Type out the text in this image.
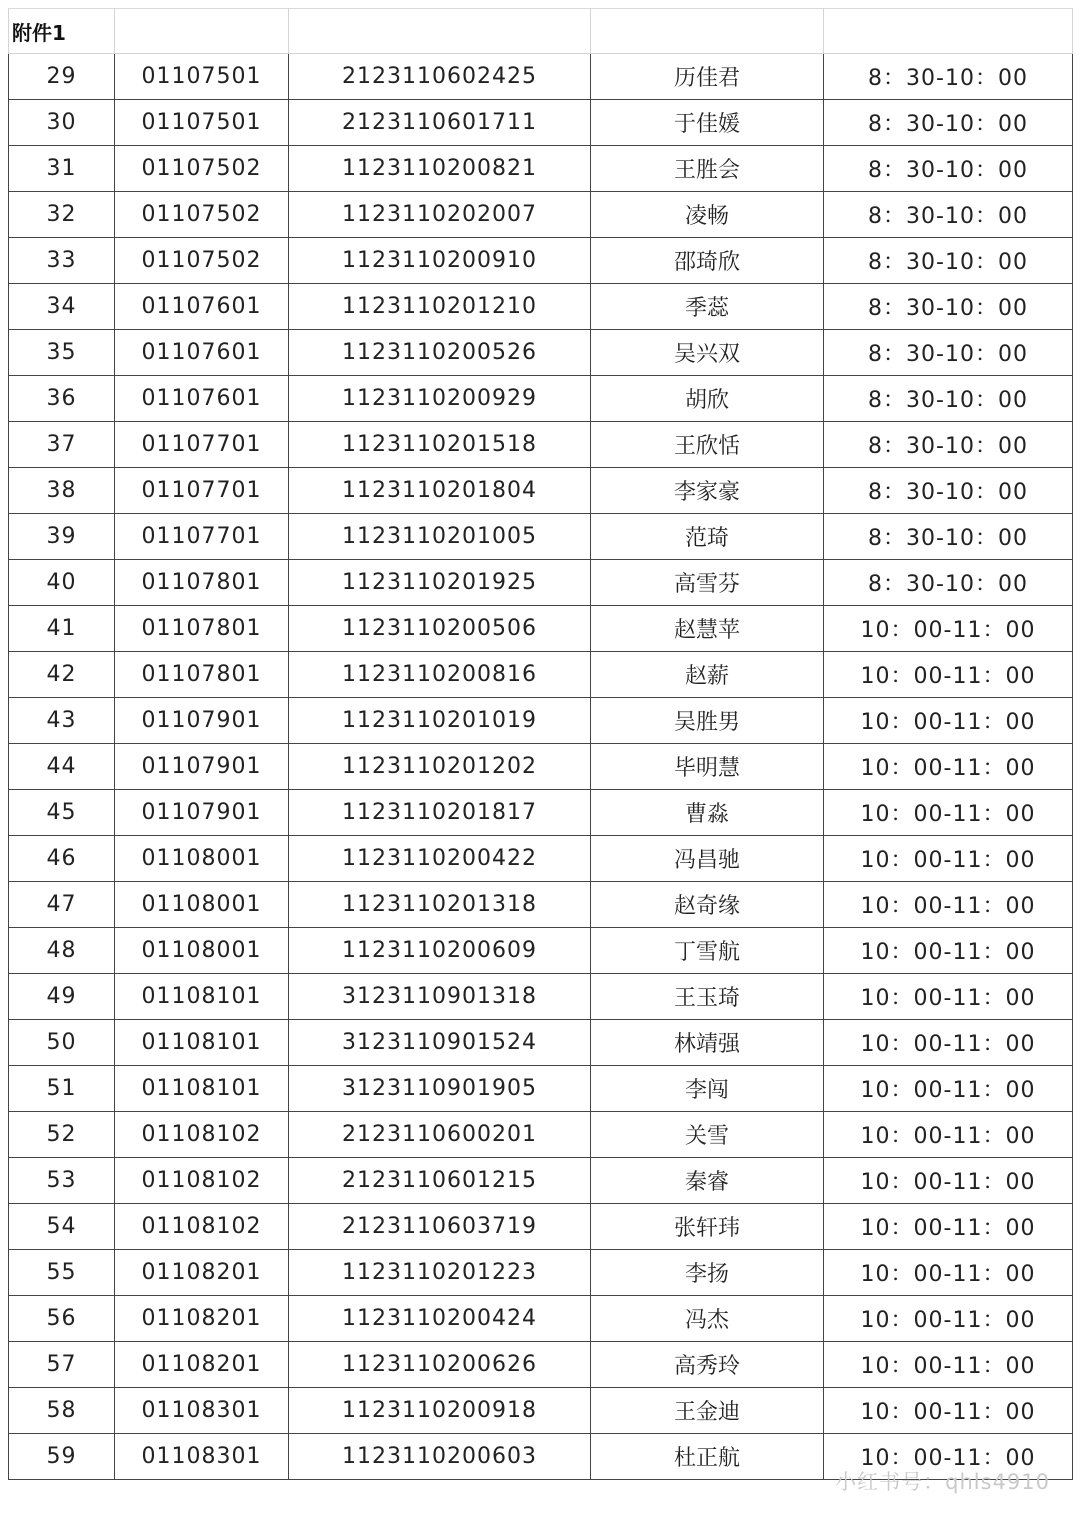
附件1				
29	01107501	2123110602425	历佳君	8：30-10：00
30	01107501	2123110601711	于佳媛	8：30-10：00
31	01107502	1123110200821	王胜会	8：30-10：00
32	01107502	1123110202007	凌畅	8：30-10：00
33	01107502	1123110200910	邵琦欣	8：30-10：00
34	01107601	1123110201210	季蕊	8：30-10：00
35	01107601	1123110200526	吴兴双	8：30-10：00
36	01107601	1123110200929	胡欣	8：30-10：00
37	01107701	1123110201518	王欣恬	8：30-10：00
38	01107701	1123110201804	李家豪	8：30-10：00
39	01107701	1123110201005	范琦	8：30-10：00
40	01107801	1123110201925	高雪芬	8：30-10：00
41	01107801	1123110200506	赵慧苹	10：00-11：00
42	01107801	1123110200816	赵薪	10：00-11：00
43	01107901	1123110201019	吴胜男	10：00-11：00
44	01107901	1123110201202	毕明慧	10：00-11：00
45	01107901	1123110201817	曹淼	10：00-11：00
46	01108001	1123110200422	冯昌驰	10：00-11：00
47	01108001	1123110201318	赵奇缘	10：00-11：00
48	01108001	1123110200609	丁雪航	10：00-11：00
49	01108101	3123110901318	王玉琦	10：00-11：00
50	01108101	3123110901524	林靖强	10：00-11：00
51	01108101	3123110901905	李闯	10：00-11：00
52	01108102	2123110600201	关雪	10：00-11：00
53	01108102	2123110601215	秦睿	10：00-11：00
54	01108102	2123110603719	张轩玮	10：00-11：00
55	01108201	1123110201223	李扬	10：00-11：00
56	01108201	1123110200424	冯杰	10：00-11：00
57	01108201	1123110200626	高秀玲	10：00-11：00
58	01108301	1123110200918	王金迪	10：00-11：00
59	01108301	1123110200603	杜正航	10：00-11：00
小红书号：qhls4910
